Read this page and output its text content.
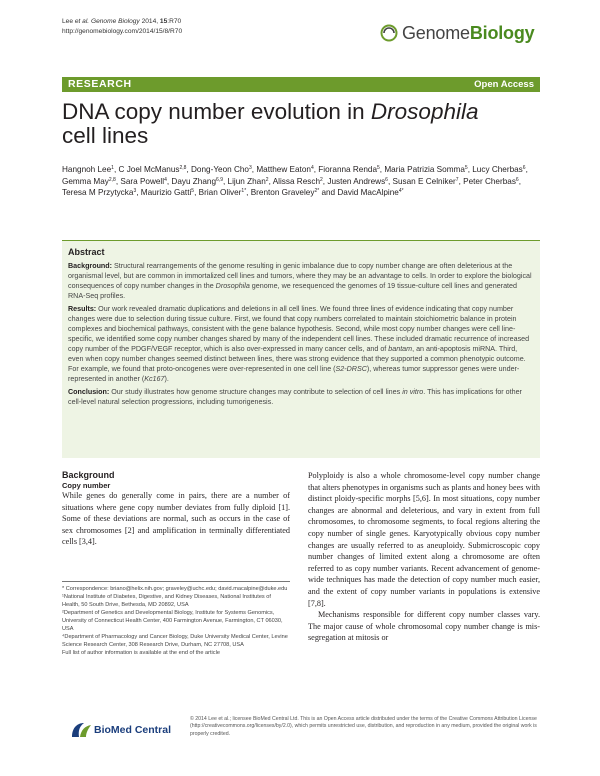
Lee et al. Genome Biology 2014, 15:R70
http://genomebiology.com/2014/15/8/R70	GenomeBiology
RESEARCH	Open Access
DNA copy number evolution in Drosophila
cell lines
Hangnoh Lee$^1$, C Joel McManus$^{2,8}$, Dong-Yeon Cho$^3$, Matthew Eaton$^4$, Fioranna Renda$^5$, Maria Patrizia Somma$^5$, Lucy Cherbas$^6$, Gemma May$^{2,8}$, Sara Powell$^4$, Dayu Zhang$^{6,9}$, Lijun Zhan$^2$, Alissa Resch$^2$, Justen Andrews$^6$, Susan E Celniker$^7$, Peter Cherbas$^6$, Teresa M Przytycka$^3$, Maurizio Gatti$^5$, Brian Oliver$^{1*}$, Brenton Graveley$^{2*}$ and David MacAlpine$^{4*}$
Abstract

Background: Structural rearrangements of the genome resulting in genic imbalance due to copy number change are often deleterious at the organismal level, but are common in immortalized cell lines and tumors, where they may be an advantage to cells. In order to explore the biological consequences of copy number changes in the Drosophila genome, we resequenced the genomes of 19 tissue-culture cell lines and generated RNA-Seq profiles.

Results: Our work revealed dramatic duplications and deletions in all cell lines. We found three lines of evidence indicating that copy number changes were due to selection during tissue culture. First, we found that copy numbers correlated to maintain stoichiometric balance in protein complexes and biochemical pathways, consistent with the gene balance hypothesis. Second, while most copy number changes were cell line-specific, we identified some copy number changes shared by many of the independent cell lines. These included dramatic recurrence of increased copy number of the PDGF/VEGF receptor, which is also over-expressed in many cancer cells, and of bantam, an anti-apoptosis miRNA. Third, even when copy number changes seemed distinct between lines, there was strong evidence that they supported a common phenotypic outcome. For example, we found that proto-oncogenes were over-represented in one cell line (S2-DRSC), whereas tumor suppressor genes were under-represented in another (Kc167).

Conclusion: Our study illustrates how genome structure changes may contribute to selection of cell lines in vitro. This has implications for other cell-level natural selection progressions, including tumorigenesis.

Background
Copy number

While genes do generally come in pairs, there are a number of situations where gene copy number deviates from fully diploid [1]. Some of these deviations are normal, such as occurs in the case of sex chromosomes [2] and amplification in terminally differentiated cells [3,4].

* Correspondence: briano@helix.nih.gov; graveley@uchc.edu; david.macalpine@duke.edu

¹National Institute of Diabetes, Digestive, and Kidney Diseases, National Institutes of Health, 50 South Drive, Bethesda, MD 20892, USA

²Department of Genetics and Developmental Biology, Institute for Systems Genomics, University of Connecticut Health Center, 400 Farmington Avenue, Farmington, CT 06030, USA

⁴Department of Pharmacology and Cancer Biology, Duke University Medical Center, Levine Science Research Center, 308 Research Drive, Durham, NC 27708, USA

Full list of author information is available at the end of the article

Polyploidy is also a whole chromosome-level copy number change that alters phenotypes in organisms such as plants and honey bees with distinct ploidy-specific morphs [5,6]. In most situations, copy number changes are abnormal and deleterious, and vary in extent from full chromosomes, to chromosome segments, to focal regions altering the copy number of single genes. Karyotypically obvious copy number changes are usually referred to as aneuploidy. Submicroscopic copy number changes of limited extent along a chromosome are often referred to as copy number variants. Recent advancement of genome-wide techniques has made the detection of copy number much easier, and the extent of copy number variants in populations is extensive [7,8].

Mechanisms responsible for different copy number classes vary. The major cause of whole chromosomal copy number change is mis-segregation at mitosis or

BioMed Central
© 2014 Lee et al.; licensee BioMed Central Ltd. This is an Open Access article distributed under the terms of the Creative Commons Attribution License (http://creativecommons.org/licenses/by/2.0), which permits unrestricted use, distribution, and reproduction in any medium, provided the original work is properly credited.
